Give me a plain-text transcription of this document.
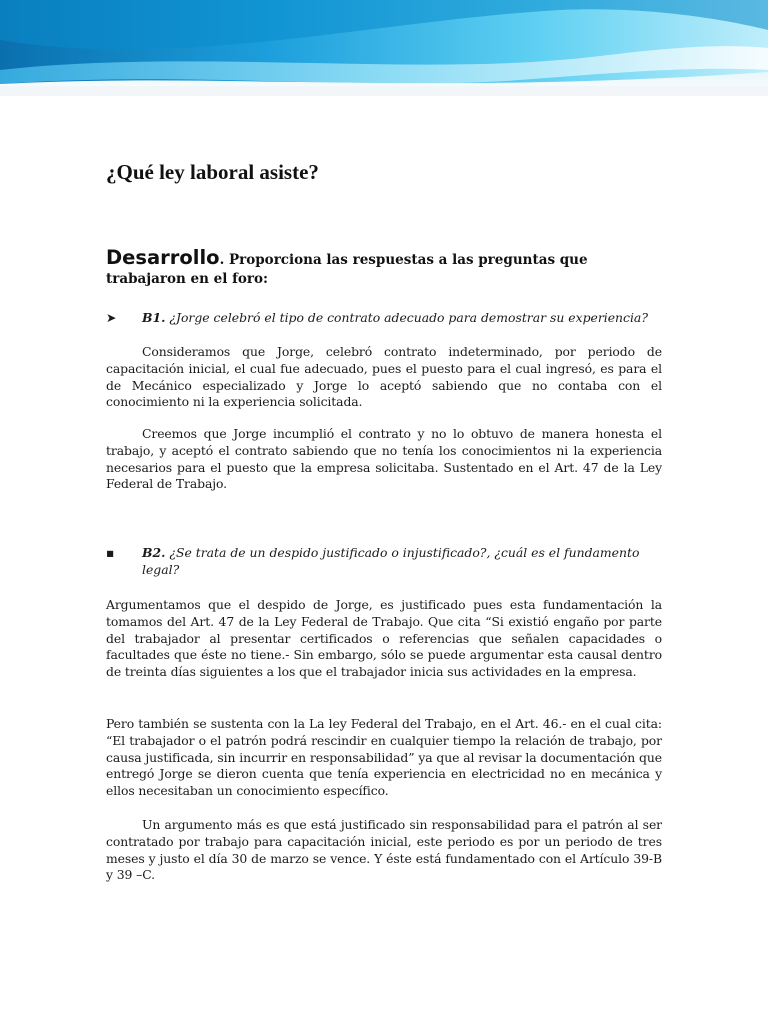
¿Qué ley laboral asiste?
Desarrollo. Proporciona las respuestas a las preguntas que trabajaron en el foro:
➤	B1. ¿Jorge celebró el tipo de contrato adecuado para demostrar su experiencia?
Consideramos que Jorge, celebró contrato indeterminado, por periodo de capacitación inicial, el cual fue adecuado, pues el puesto para el cual ingresó, es para el de Mecánico especializado y Jorge lo aceptó sabiendo que no contaba con el conocimiento ni la experiencia solicitada.
Creemos que Jorge incumplió el contrato y no lo obtuvo de manera honesta el trabajo, y aceptó el contrato sabiendo que no tenía los conocimientos ni la experiencia necesarios para el puesto que la empresa solicitaba. Sustentado en el Art. 47 de la Ley Federal de Trabajo.
▪	B2. ¿Se trata de un despido justificado o injustificado?, ¿cuál es el fundamento legal?
Argumentamos que el despido de Jorge, es justificado pues esta fundamentación la tomamos del Art. 47 de la Ley Federal de Trabajo. Que cita “Si existió engaño por parte del trabajador al presentar certificados o referencias que señalen capacidades o facultades que éste no tiene.- Sin embargo, sólo se puede argumentar esta causal dentro de treinta días siguientes a los que el trabajador inicia sus actividades en la empresa.
Pero también se sustenta con la La ley Federal del Trabajo, en el Art. 46.- en el cual cita: “El trabajador o el patrón podrá rescindir en cualquier tiempo la relación de trabajo, por causa justificada, sin incurrir en responsabilidad” ya que al revisar la documentación que entregó Jorge se dieron cuenta que tenía experiencia en electricidad no en mecánica y ellos necesitaban un conocimiento específico.
Un argumento más es que está justificado sin responsabilidad para el patrón al ser contratado por trabajo para capacitación inicial, este periodo es por un periodo de tres meses y justo el día 30 de marzo se vence. Y éste está fundamentado con el Artículo 39-B y 39 –C.
